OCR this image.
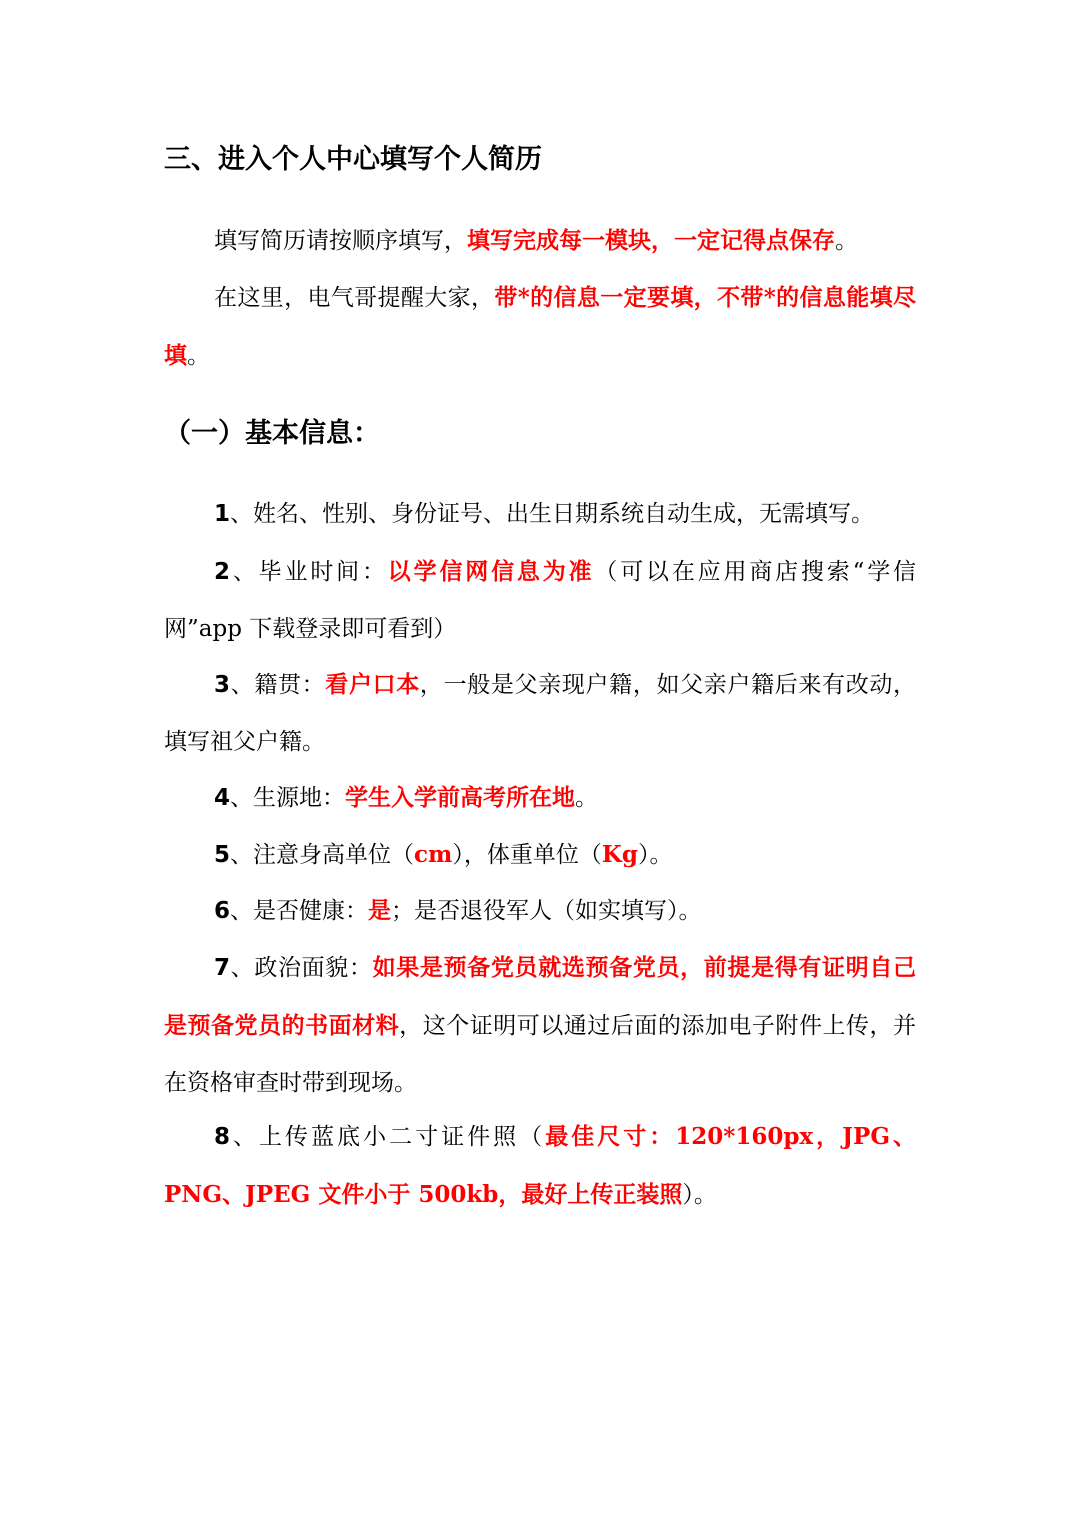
三、进入个人中心填写个人简历

填写简历请按顺序填写，填写完成每一模块，一定记得点保存。

在这里，电气哥提醒大家，带*的信息一定要填，不带*的信息能填尽填。

（一）基本信息：

1、姓名、性别、身份证号、出生日期系统自动生成，无需填写。

2、毕业时间：以学信网信息为准（可以在应用商店搜索“学信网”app 下载登录即可看到）

3、籍贯：看户口本，一般是父亲现户籍，如父亲户籍后来有改动，填写祖父户籍。

4、生源地：学生入学前高考所在地。

5、注意身高单位（cm），体重单位（Kg）。

6、是否健康：是；是否退役军人（如实填写）。

7、政治面貌：如果是预备党员就选预备党员，前提是得有证明自己是预备党员的书面材料，这个证明可以通过后面的添加电子附件上传，并在资格审查时带到现场。

8、上传蓝底小二寸证件照（最佳尺寸：120*160px，JPG、PNG、JPEG 文件小于 500kb，最好上传正装照）。
